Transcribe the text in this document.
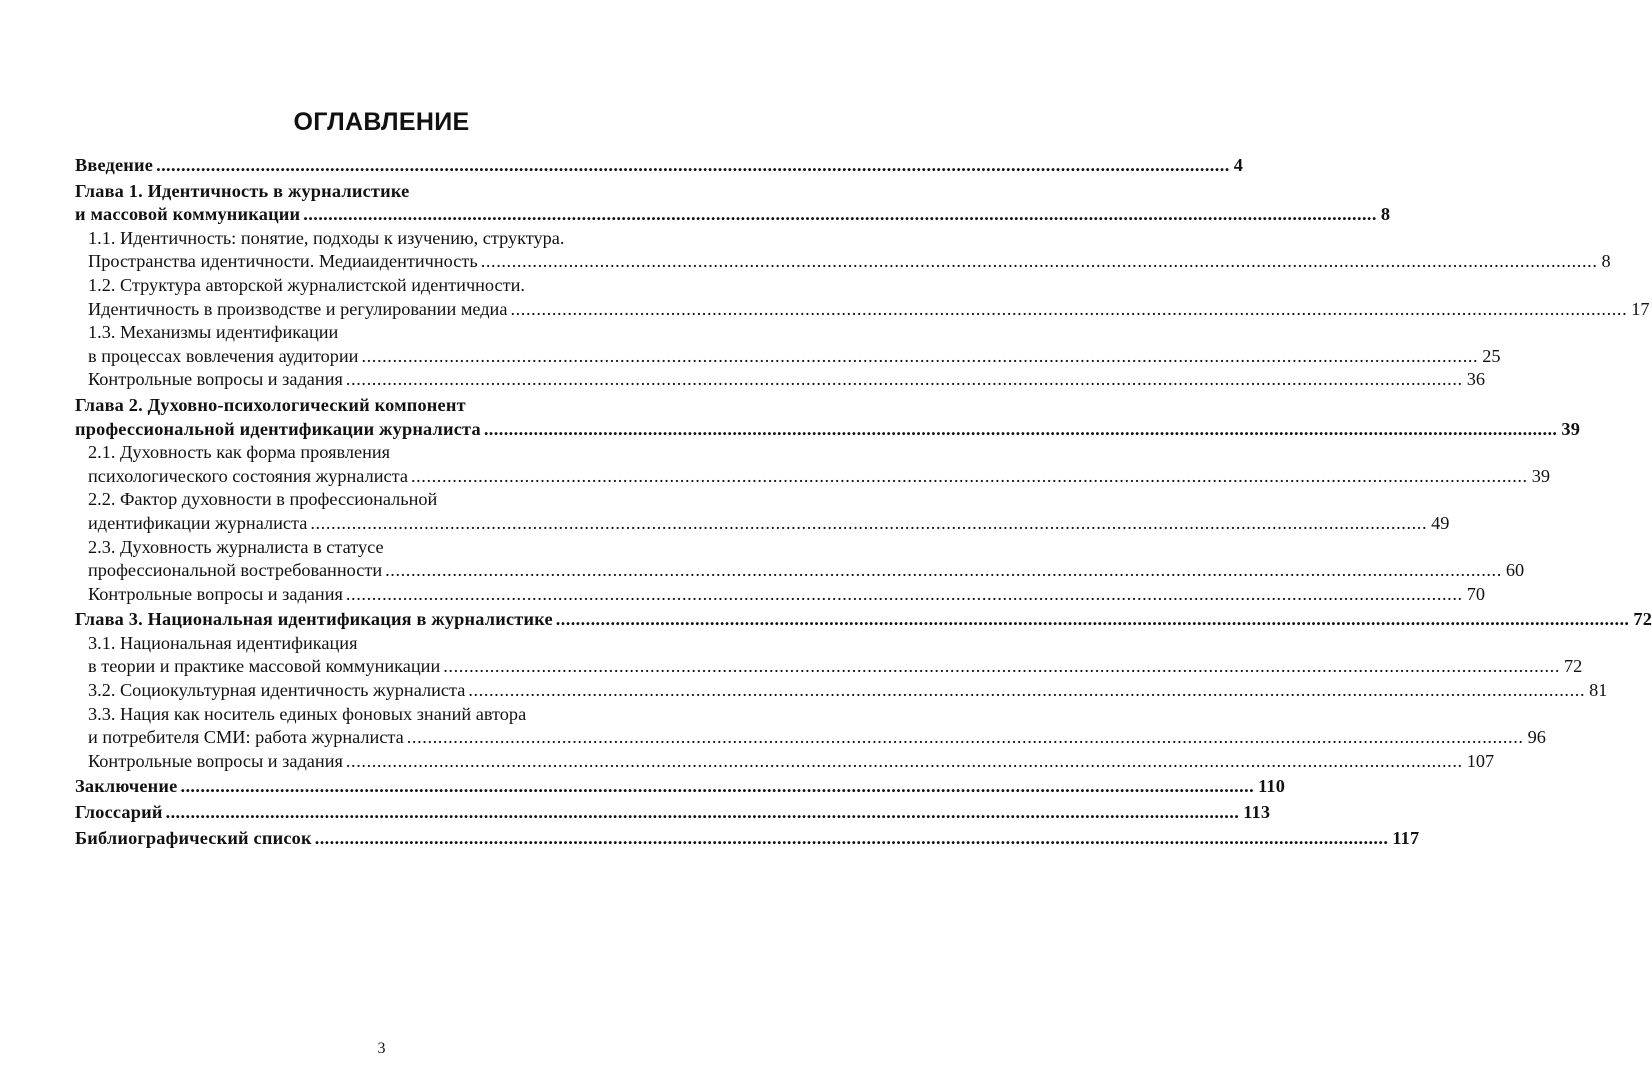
ОГЛАВЛЕНИЕ
Введение ........................................................................................................................................................................................................................ 4
Глава 1. Идентичность в журналистике
и массовой коммуникации ........................................................................................................................................................................................................................ 8
1.1. Идентичность: понятие, подходы к изучению, структура.
Пространства идентичности. Медиаидентичность ........................................................................................................................................................................................................................ 8
1.2. Структура авторской журналистской идентичности.
Идентичность в производстве и регулировании медиа ........................................................................................................................................................................................................................ 17
1.3. Механизмы идентификации
в процессах вовлечения аудитории ........................................................................................................................................................................................................................ 25
Контрольные вопросы и задания ........................................................................................................................................................................................................................ 36
Глава 2. Духовно-психологический компонент
профессиональной идентификации журналиста ........................................................................................................................................................................................................................ 39
2.1. Духовность как форма проявления
психологического состояния журналиста ........................................................................................................................................................................................................................ 39
2.2. Фактор духовности в профессиональной
идентификации журналиста ........................................................................................................................................................................................................................ 49
2.3. Духовность журналиста в статусе
профессиональной востребованности ........................................................................................................................................................................................................................ 60
Контрольные вопросы и задания ........................................................................................................................................................................................................................ 70
Глава 3. Национальная идентификация в журналистике ........................................................................................................................................................................................................................ 72
3.1. Национальная идентификация
в теории и практике массовой коммуникации ........................................................................................................................................................................................................................ 72
3.2. Социокультурная идентичность журналиста ........................................................................................................................................................................................................................ 81
3.3. Нация как носитель единых фоновых знаний автора
и потребителя СМИ: работа журналиста ........................................................................................................................................................................................................................ 96
Контрольные вопросы и задания ........................................................................................................................................................................................................................ 107
Заключение ........................................................................................................................................................................................................................ 110
Глоссарий ........................................................................................................................................................................................................................ 113
Библиографический список ........................................................................................................................................................................................................................ 117
3
